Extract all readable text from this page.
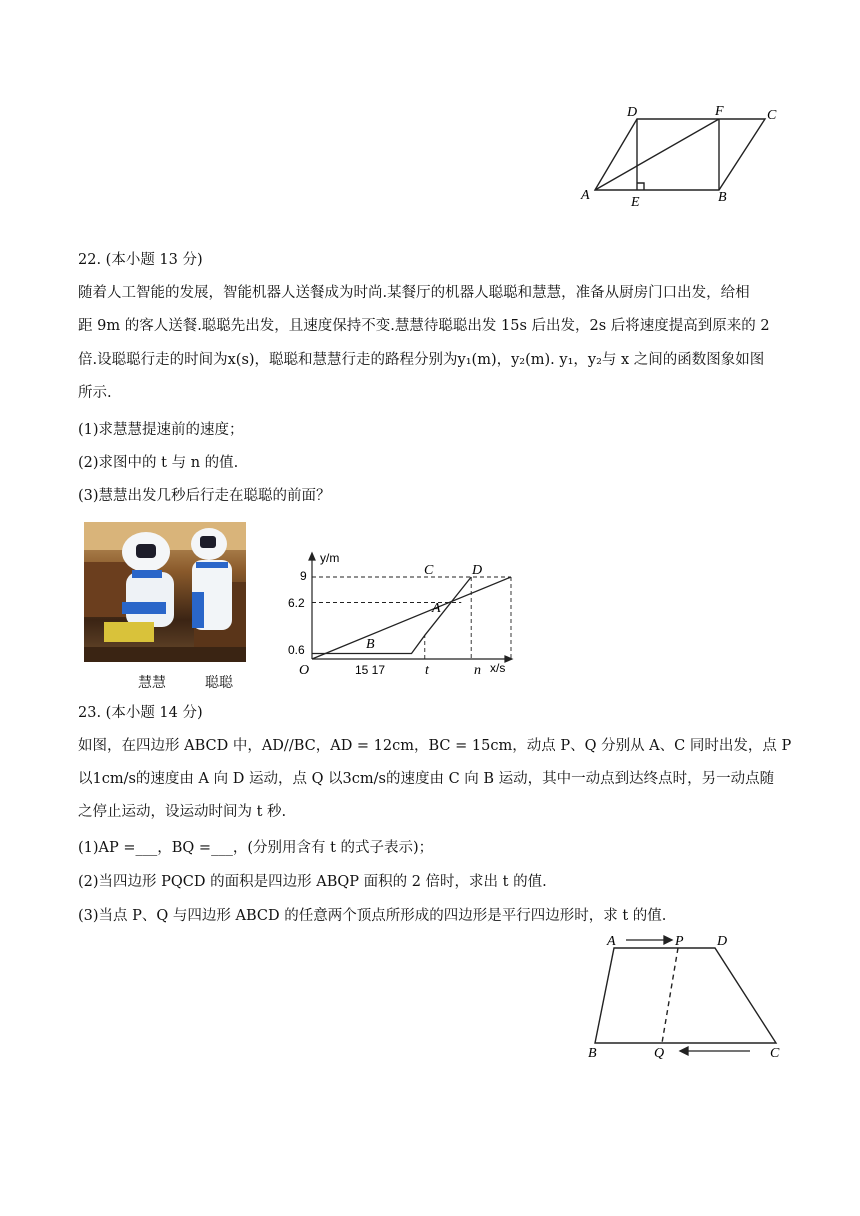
D	F	C
A	E	B
22. (本小题 13 分)
随着人工智能的发展，智能机器人送餐成为时尚.某餐厅的机器人聪聪和慧慧，准备从厨房门口出发，给相
距 9m 的客人送餐.聪聪先出发，且速度保持不变.慧慧待聪聪出发 15s 后出发，2s 后将速度提高到原来的 2
倍.设聪聪行走的时间为x(s)，聪聪和慧慧行走的路程分别为y₁(m)，y₂(m). y₁，y₂与 x 之间的函数图象如图
所示.
(1)求慧慧提速前的速度；
(2)求图中的 t 与 n 的值.
(3)慧慧出发几秒后行走在聪聪的前面？
慧慧	聪聪
y/m
x/s
O
9
6.2
0.6
15 17	t	n
C	D
A
B
23. (本小题 14 分)
如图，在四边形 ABCD 中，AD//BC，AD = 12cm，BC = 15cm，动点 P、Q 分别从 A、C 同时出发，点 P
以1cm/s的速度由 A 向 D 运动，点 Q 以3cm/s的速度由 C 向 B 运动，其中一动点到达终点时，另一动点随
之停止运动，设运动时间为 t 秒.
(1)AP =___，BQ =___，(分别用含有 t 的式子表示)；
(2)当四边形 PQCD 的面积是四边形 ABQP 面积的 2 倍时，求出 t 的值.
(3)当点 P、Q 与四边形 ABCD 的任意两个顶点所形成的四边形是平行四边形时，求 t 的值.
A	P D
B	Q	C
